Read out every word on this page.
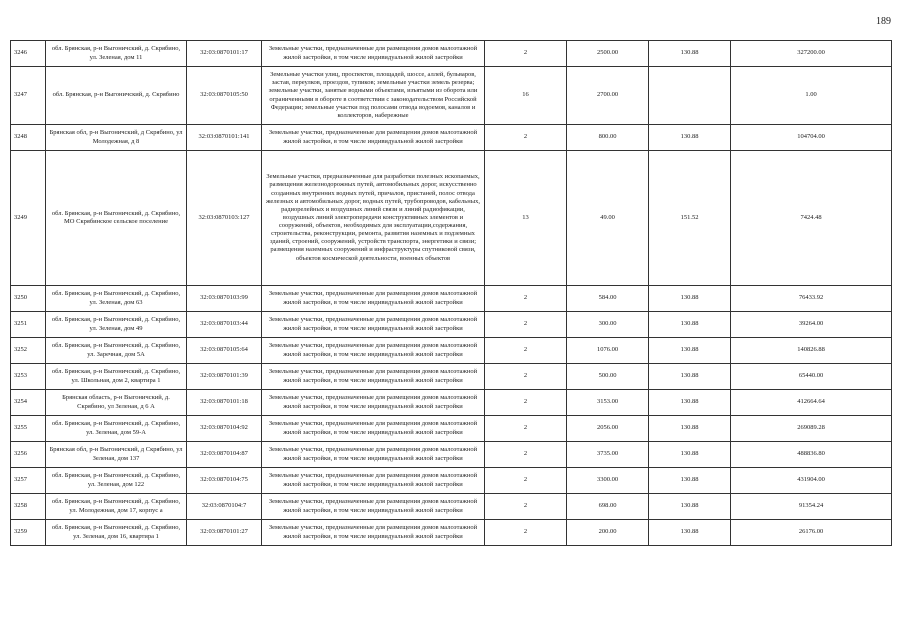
189
3246	обл. Брянская, р-н Выгоничский, д. Скрябино, ул. Зеленая, дом 11	32:03:0870101:17	Земельные участки, предназначенные для размещения домов малоэтажной жилой застройки, в том числе индивидуальной жилой застройки	2	2500.00	130.88	327200.00
3247	обл. Брянская, р-н Выгоничский, д. Скрябино	32:03:0870105:50	Земельные участки улиц, проспектов, площадей, шоссе, аллей, бульваров, застав, переулков, проездов, тупиков; земельные участки земель резерва; земельные участки, занятые водными объектами, изъятыми из оборота или ограниченными в обороте в соответствии с законодательством Российской Федерации; земельные участки под полосами отвода водоемов, каналов и коллекторов, набережные	16	2700.00		1.00
3248	Брянская обл, р-н Выгоничский, д Скрябино, ул Молодежная, д 8	32:03:0870101:141	Земельные участки, предназначенные для размещения домов малоэтажной жилой застройки, в том числе индивидуальной жилой застройки	2	800.00	130.88	104704.00
3249	обл. Брянская, р-н Выгоничский, д. Скрябино, МО Скрябинское сельское поселение	32:03:0870103:127	Земельные участки, предназначенные для разработки полезных ископаемых, размещения железнодорожных путей, автомобильных дорог, искусственно созданных внутренних водных путей, причалов, пристаней, полос отвода железных и автомобильных дорог, водных путей, трубопроводов, кабельных, радиорелейных и воздушных линий связи и линий радиофикации, воздушных линий электропередачи конструктивных элементов и сооружений, объектов, необходимых для эксплуатации,содержания, строительства, реконструкции, ремонта, развития наземных и подземных зданий, строений, сооружений, устройств транспорта, энергетики и связи; размещения наземных сооружений и инфраструктуры спутниковой связи, объектов космической деятельности, военных объектов	13	49.00	151.52	7424.48
3250	обл. Брянская, р-н Выгоничский, д. Скрябино, ул. Зеленая, дом 63	32:03:0870103:99	Земельные участки, предназначенные для размещения домов малоэтажной жилой застройки, в том числе индивидуальной жилой застройки	2	584.00	130.88	76433.92
3251	обл. Брянская, р-н Выгоничский, д. Скрябино, ул. Зеленая, дом 49	32:03:0870103:44	Земельные участки, предназначенные для размещения домов малоэтажной жилой застройки, в том числе индивидуальной жилой застройки	2	300.00	130.88	39264.00
3252	обл. Брянская, р-н Выгоничский, д. Скрябино, ул. Заречная, дом 5А	32:03:0870105:64	Земельные участки, предназначенные для размещения домов малоэтажной жилой застройки, в том числе индивидуальной жилой застройки	2	1076.00	130.88	140826.88
3253	обл. Брянская, р-н Выгоничский, д. Скрябино, ул. Школьная, дом 2, квартира 1	32:03:0870101:39	Земельные участки, предназначенные для размещения домов малоэтажной жилой застройки, в том числе индивидуальной жилой застройки	2	500.00	130.88	65440.00
3254	Брянская область, р-н Выгоничский, д. Скрябино, ул Зеленая, д 6 А	32:03:0870101:18	Земельные участки, предназначенные для размещения домов малоэтажной жилой застройки, в том числе индивидуальной жилой застройки	2	3153.00	130.88	412664.64
3255	обл. Брянская, р-н Выгоничский, д. Скрябино, ул. Зеленая, дом 59-А	32:03:0870104:92	Земельные участки, предназначенные для размещения домов малоэтажной жилой застройки, в том числе индивидуальной жилой застройки	2	2056.00	130.88	269089.28
3256	Брянская обл, р-н Выгоничский, д Скрябино, ул Зеленая, дом 137	32:03:0870104:87	Земельные участки, предназначенные для размещения домов малоэтажной жилой застройки, в том числе индивидуальной жилой застройки	2	3735.00	130.88	488836.80
3257	обл. Брянская, р-н Выгоничский, д. Скрябино, ул. Зеленая, дом 122	32:03:0870104:75	Земельные участки, предназначенные для размещения домов малоэтажной жилой застройки, в том числе индивидуальной жилой застройки	2	3300.00	130.88	431904.00
3258	обл. Брянская, р-н Выгоничский, д. Скрябино, ул. Молодежная, дом 17, корпус а	32:03:0870104:7	Земельные участки, предназначенные для размещения домов малоэтажной жилой застройки, в том числе индивидуальной жилой застройки	2	698.00	130.88	91354.24
3259	обл. Брянская, р-н Выгоничский, д. Скрябино, ул. Зеленая, дом 16, квартира 1	32:03:0870101:27	Земельные участки, предназначенные для размещения домов малоэтажной жилой застройки, в том числе индивидуальной жилой застройки	2	200.00	130.88	26176.00
